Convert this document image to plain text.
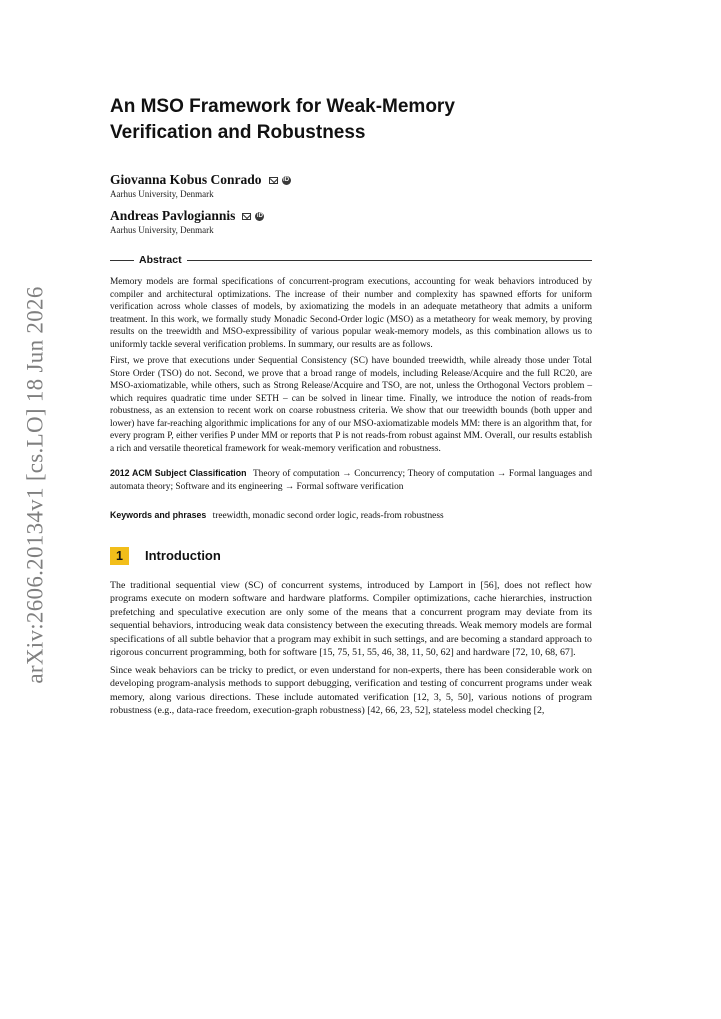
arXiv:2606.20134v1 [cs.LO] 18 Jun 2026
An MSO Framework for Weak-Memory
Verification and Robustness
Giovanna Kobus Conrado	iD
Aarhus University, Denmark
Andreas Pavlogiannis	iD
Aarhus University, Denmark
Abstract

Memory models are formal specifications of concurrent-program executions, accounting for weak behaviors introduced by compiler and architectural optimizations. The increase of their number and complexity has spawned efforts for uniform verification across whole classes of models, by axiomatizing the models in an adequate metatheory that admits a uniform treatment. In this work, we formally study Monadic Second-Order logic (MSO) as a metatheory for weak memory, by proving results on the treewidth and MSO-expressibility of various popular weak-memory models, as this combination allows us to uniformly tackle several verification problems. In summary, our results are as follows.

First, we prove that executions under Sequential Consistency (SC) have bounded treewidth, while already those under Total Store Order (TSO) do not. Second, we prove that a broad range of models, including Release/Acquire and the full RC20, are MSO-axiomatizable, while others, such as Strong Release/Acquire and TSO, are not, unless the Orthogonal Vectors problem – which requires quadratic time under SETH – can be solved in linear time. Finally, we introduce the notion of reads-from robustness, as an extension to recent work on coarse robustness criteria. We show that our treewidth bounds (both upper and lower) have far-reaching algorithmic implications for any of our MSO-axiomatizable models MM: there is an algorithm that, for every program P, either verifies P under MM or reports that P is not reads-from robust against MM. Overall, our results establish a rich and versatile theoretical framework for weak-memory verification and robustness.

2012 ACM Subject Classification Theory of computation → Concurrency; Theory of computation → Formal languages and automata theory; Software and its engineering → Formal software verification
Keywords and phrases treewidth, monadic second order logic, reads-from robustness
1	Introduction

The traditional sequential view (SC) of concurrent systems, introduced by Lamport in [56], does not reflect how programs execute on modern software and hardware platforms. Compiler optimizations, cache hierarchies, instruction prefetching and speculative execution are only some of the means that a concurrent program may deviate from its sequential behaviors, introducing weak data consistency between the executing threads. Weak memory models are formal specifications of all subtle behavior that a program may exhibit in such settings, and are becoming a standard approach to rigorous concurrent programming, both for software [15, 75, 51, 55, 46, 38, 11, 50, 62] and hardware [72, 10, 68, 67].

Since weak behaviors can be tricky to predict, or even understand for non-experts, there has been considerable work on developing program-analysis methods to support debugging, verification and testing of concurrent programs under weak memory, along various directions. These include automated verification [12, 3, 5, 50], various notions of program robustness (e.g., data-race freedom, execution-graph robustness) [42, 66, 23, 52], stateless model checking [2,
